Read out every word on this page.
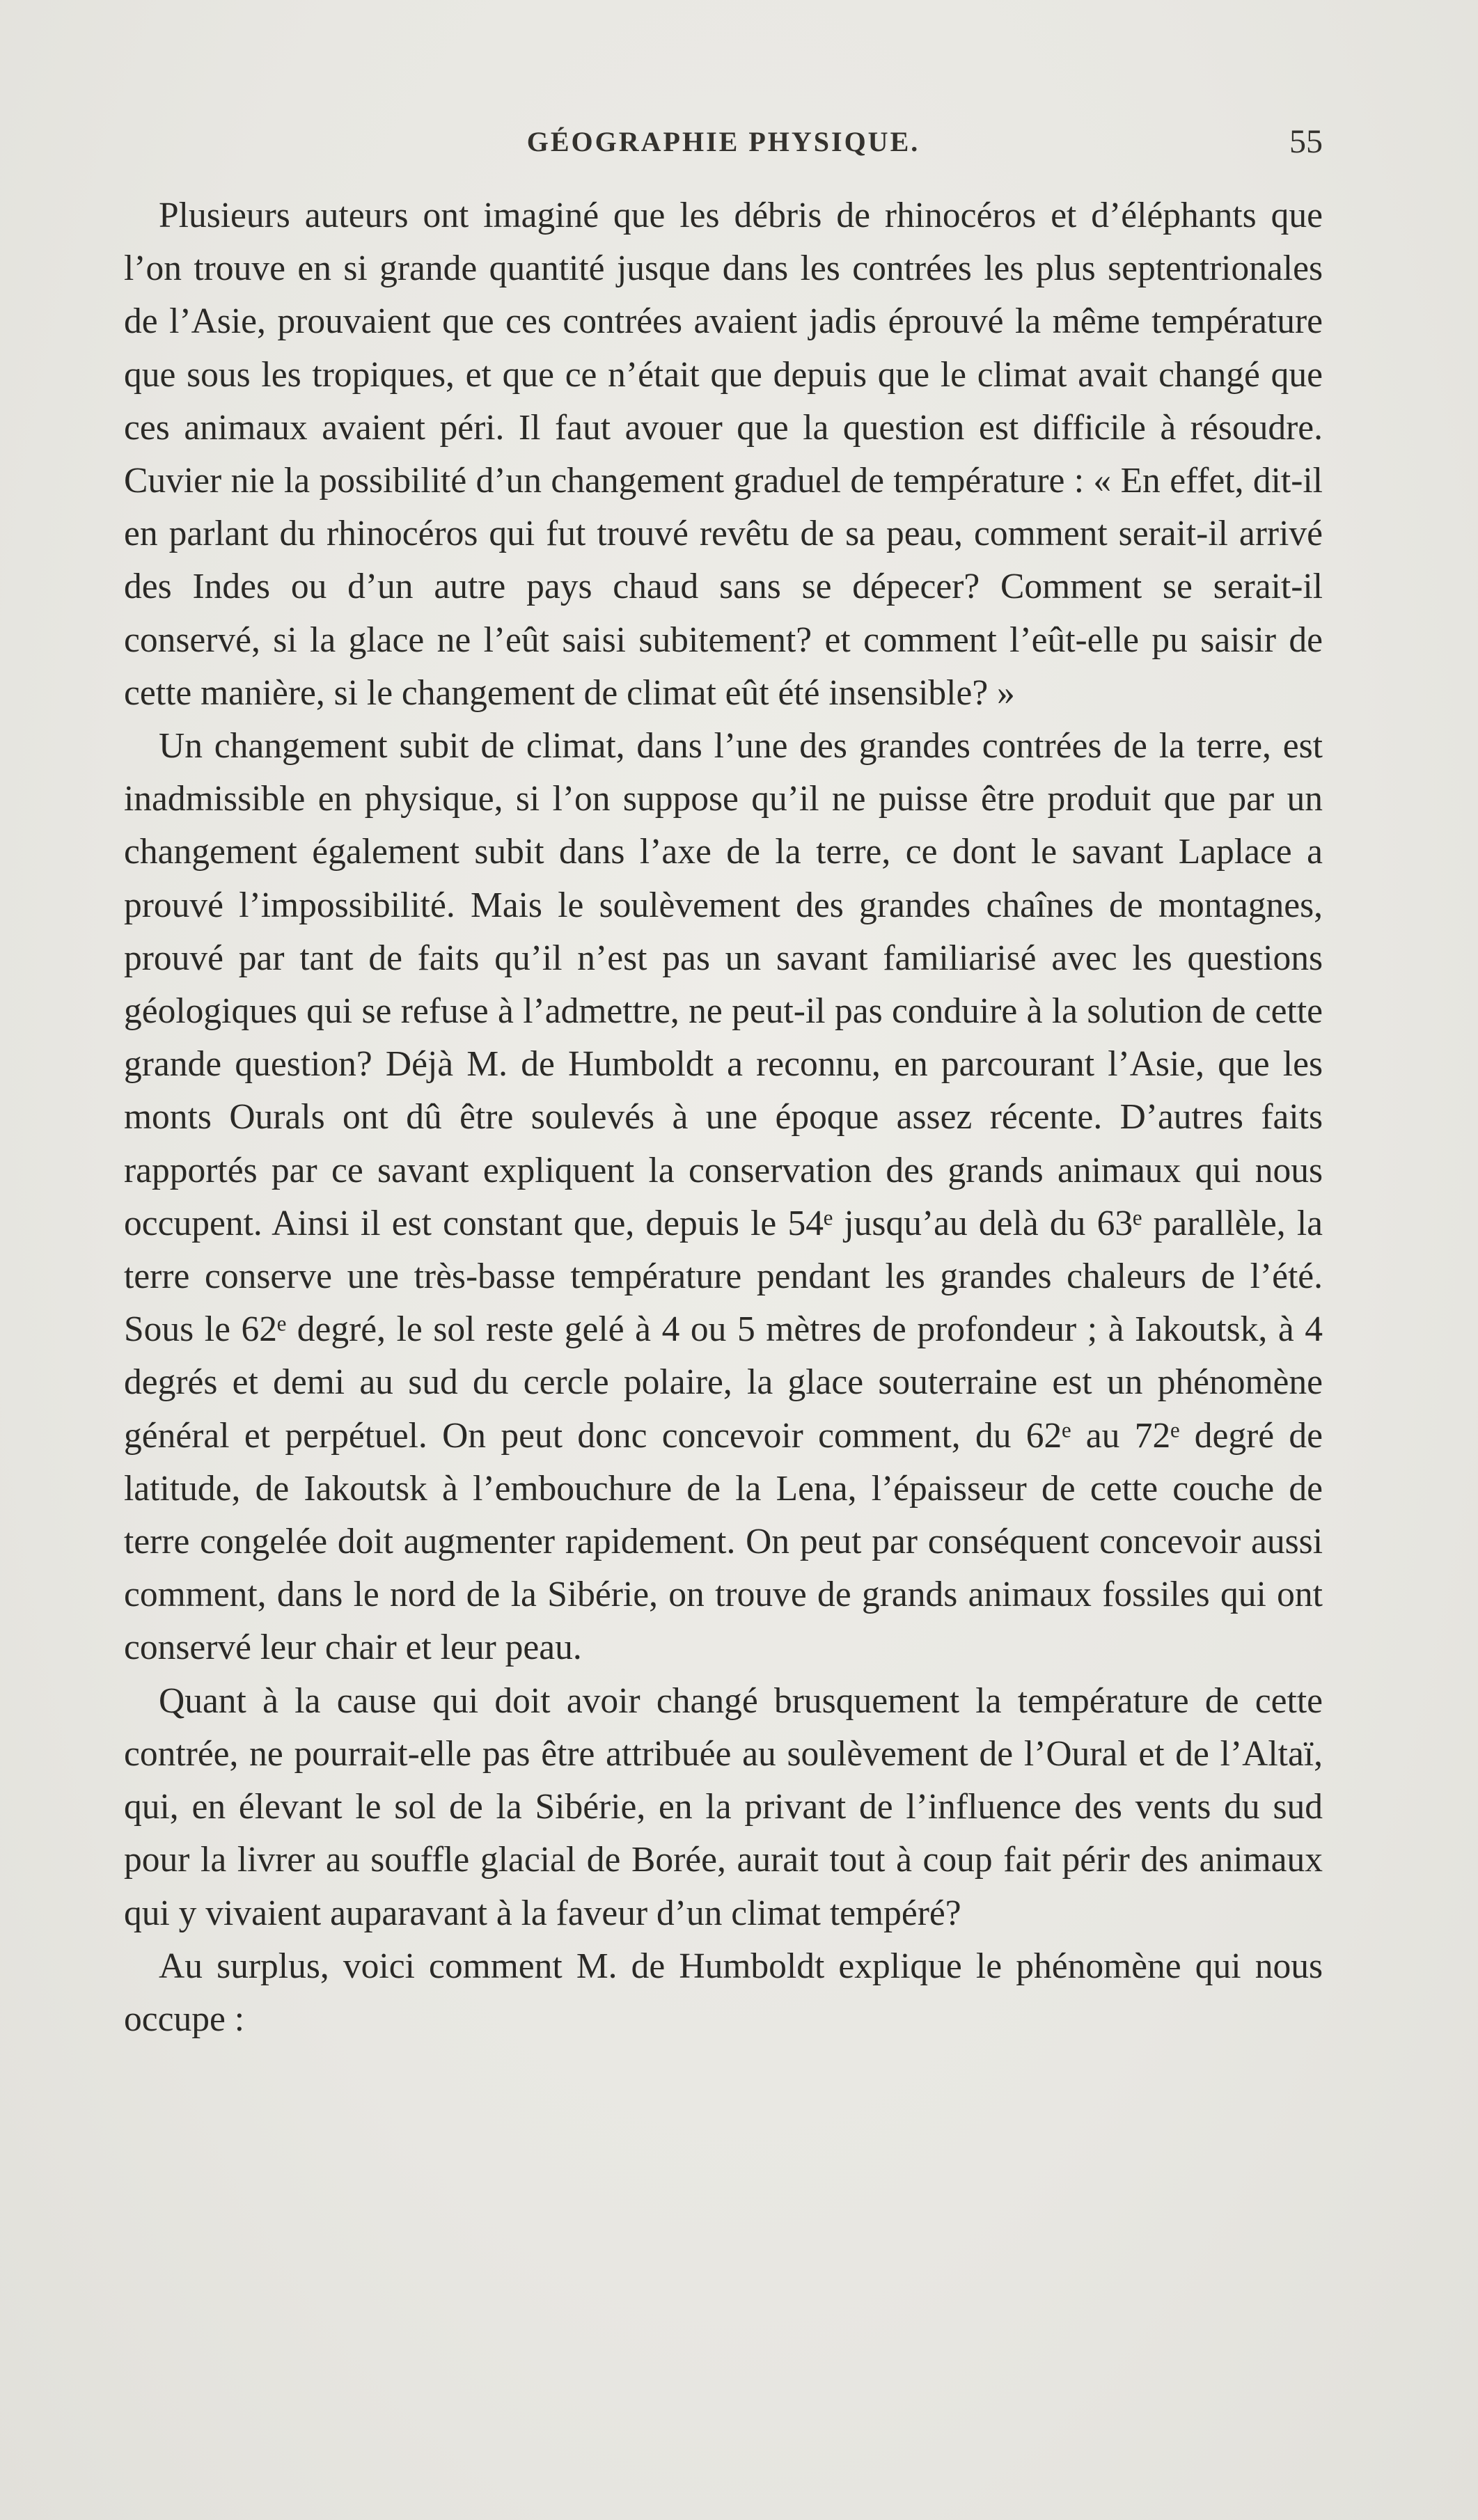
GÉOGRAPHIE PHYSIQUE.	55

Plusieurs auteurs ont imaginé que les débris de rhinocéros et d’éléphants que l’on trouve en si grande quantité jusque dans les contrées les plus septentrionales de l’Asie, prouvaient que ces contrées avaient jadis éprouvé la même température que sous les tropiques, et que ce n’était que depuis que le climat avait changé que ces animaux avaient péri. Il faut avouer que la question est difficile à résoudre. Cuvier nie la possibilité d’un changement graduel de température : « En effet, dit-il en parlant du rhinocéros qui fut trouvé revêtu de sa peau, comment serait-il arrivé des Indes ou d’un autre pays chaud sans se dépecer? Comment se serait-il conservé, si la glace ne l’eût saisi subitement? et comment l’eût-elle pu saisir de cette manière, si le changement de climat eût été insensible? »

Un changement subit de climat, dans l’une des grandes contrées de la terre, est inadmissible en physique, si l’on suppose qu’il ne puisse être produit que par un changement également subit dans l’axe de la terre, ce dont le savant Laplace a prouvé l’impossibilité. Mais le soulèvement des grandes chaînes de montagnes, prouvé par tant de faits qu’il n’est pas un savant familiarisé avec les questions géologiques qui se refuse à l’admettre, ne peut-il pas conduire à la solution de cette grande question? Déjà M. de Humboldt a reconnu, en parcourant l’Asie, que les monts Ourals ont dû être soulevés à une époque assez récente. D’autres faits rapportés par ce savant expliquent la conservation des grands animaux qui nous occupent. Ainsi il est constant que, depuis le 54ᵉ jusqu’au delà du 63ᵉ parallèle, la terre conserve une très-basse température pendant les grandes chaleurs de l’été. Sous le 62ᵉ degré, le sol reste gelé à 4 ou 5 mètres de profondeur ; à Iakoutsk, à 4 degrés et demi au sud du cercle polaire, la glace souterraine est un phénomène général et perpétuel. On peut donc concevoir comment, du 62ᵉ au 72ᵉ degré de latitude, de Iakoutsk à l’embouchure de la Lena, l’épaisseur de cette couche de terre congelée doit augmenter rapidement. On peut par conséquent concevoir aussi comment, dans le nord de la Sibérie, on trouve de grands animaux fossiles qui ont conservé leur chair et leur peau.

Quant à la cause qui doit avoir changé brusquement la température de cette contrée, ne pourrait-elle pas être attribuée au soulèvement de l’Oural et de l’Altaï, qui, en élevant le sol de la Sibérie, en la privant de l’influence des vents du sud pour la livrer au souffle glacial de Borée, aurait tout à coup fait périr des animaux qui y vivaient auparavant à la faveur d’un climat tempéré?

Au surplus, voici comment M. de Humboldt explique le phénomène qui nous occupe :
